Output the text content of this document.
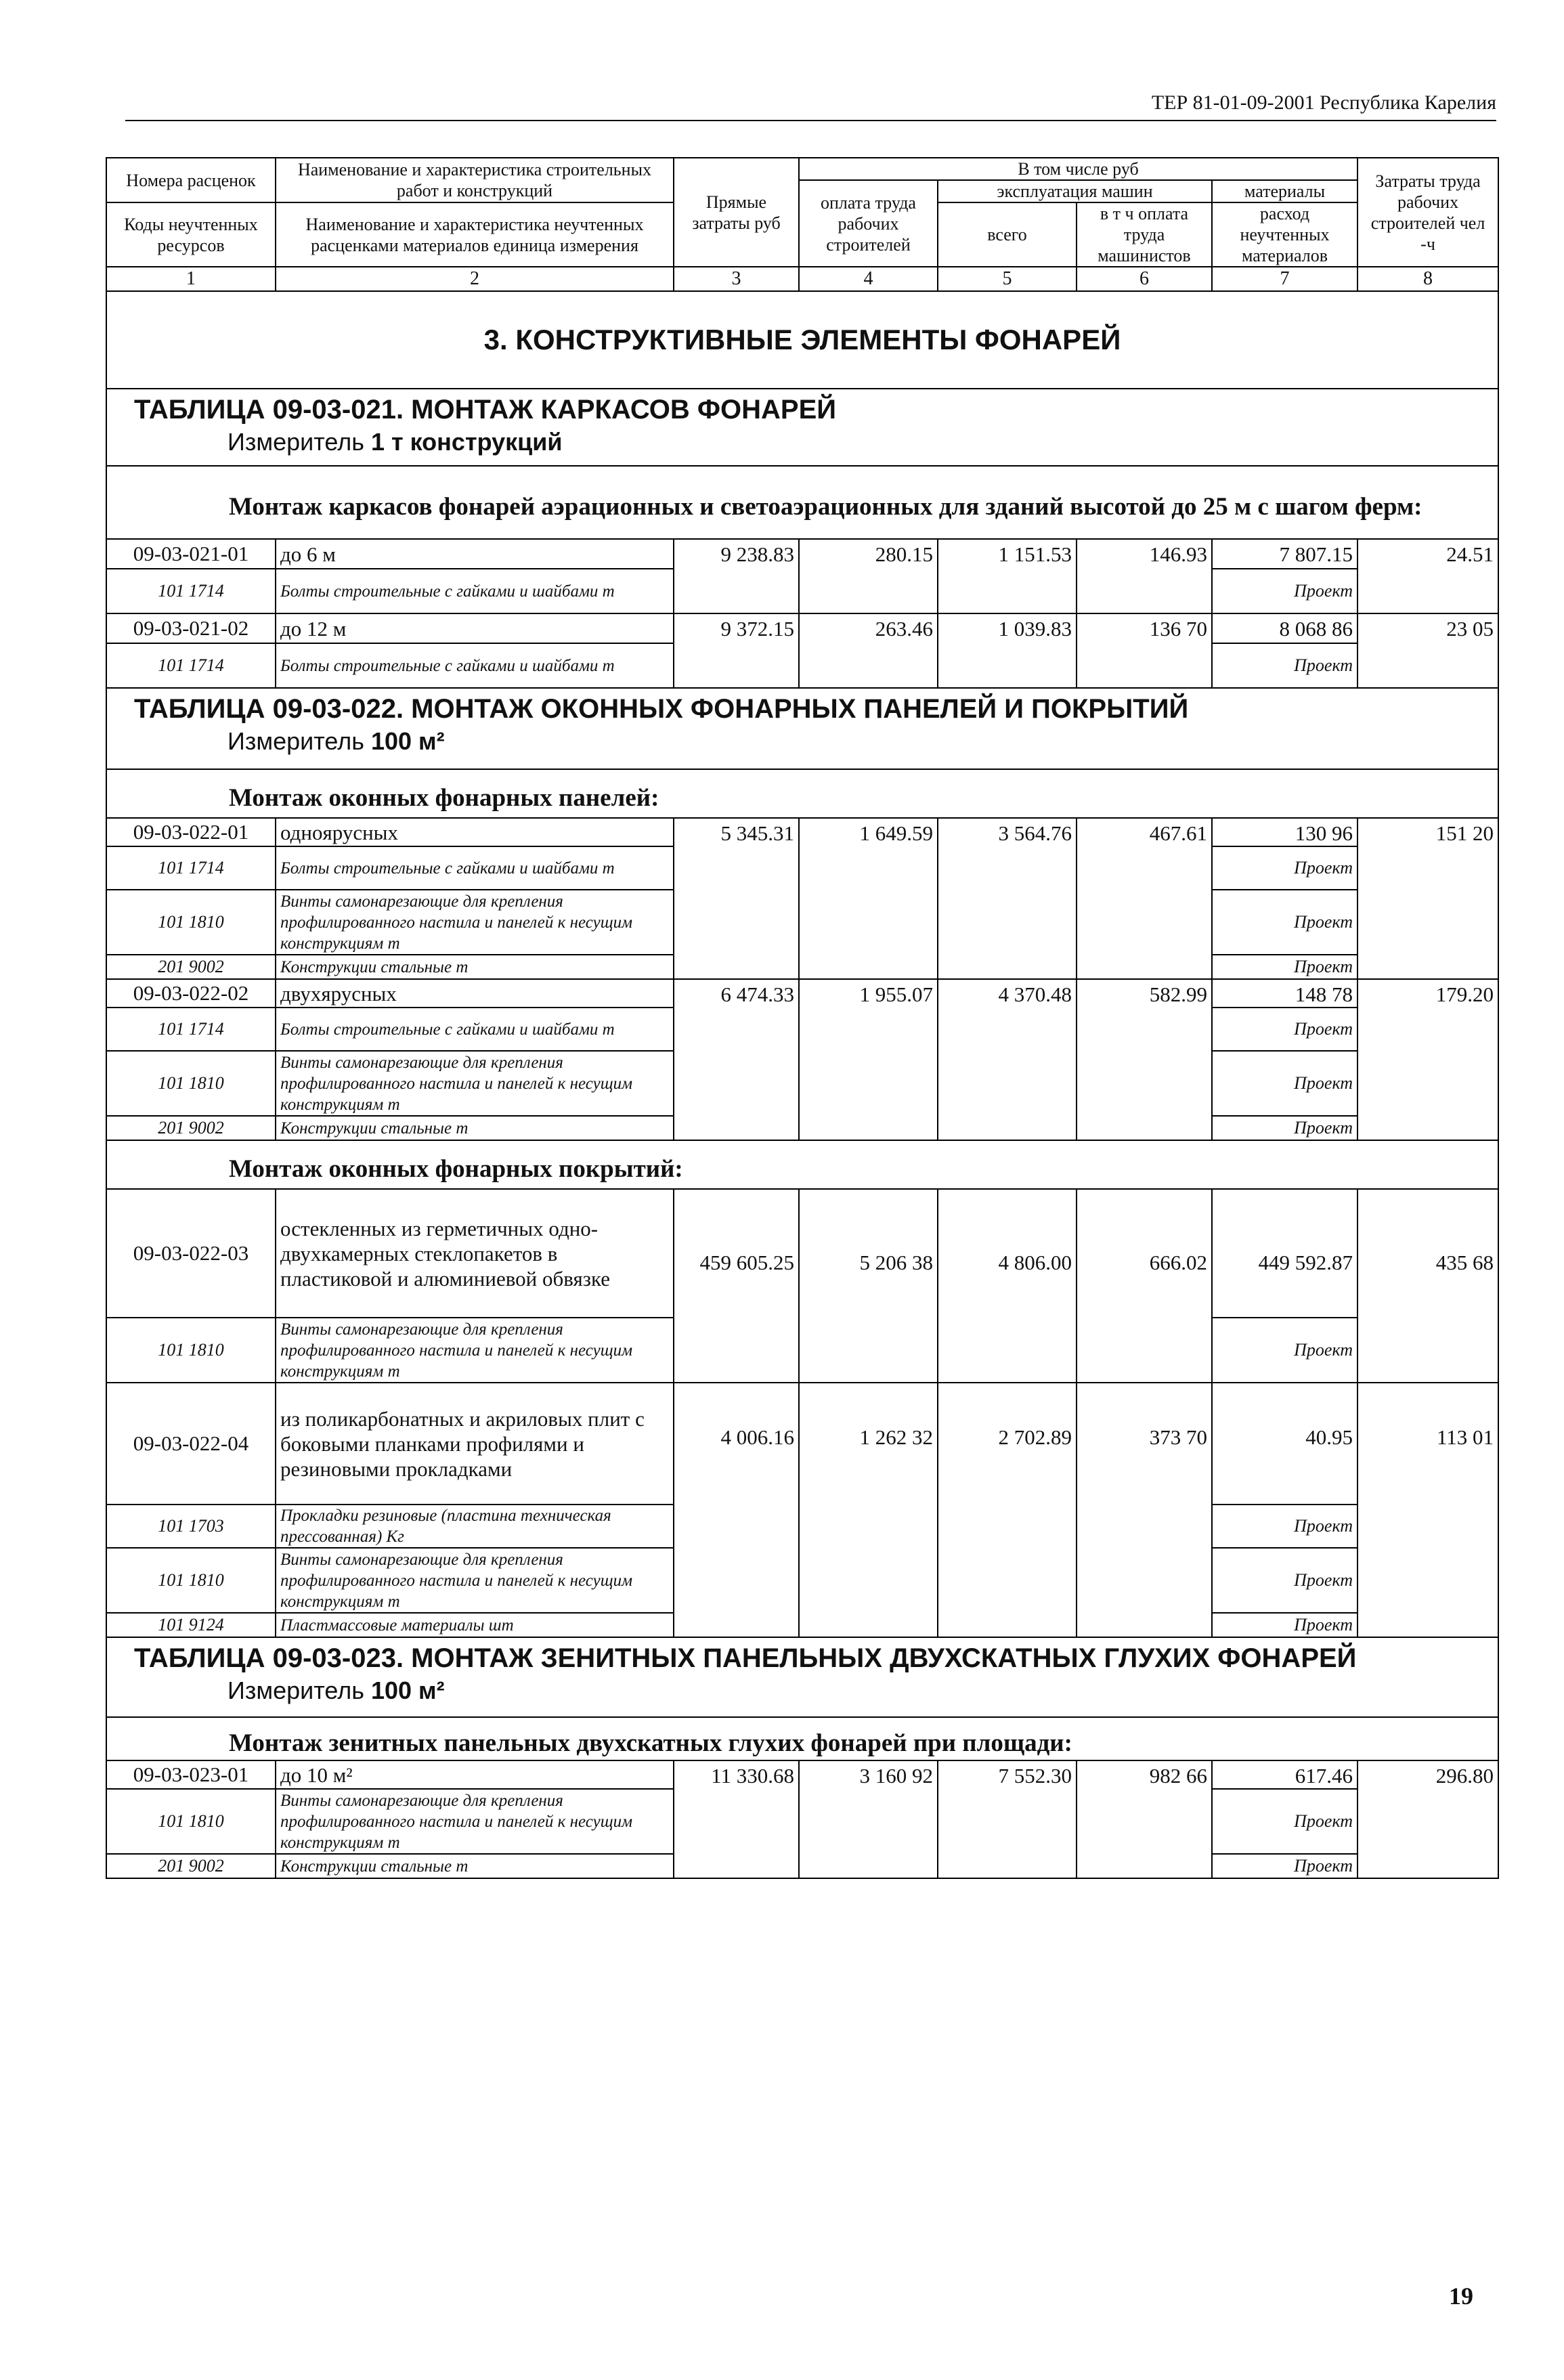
ТЕР 81-01-09-2001 Республика Карелия
Номера расценок	Наименование и характеристика строительных работ и конструкций	Прямые затраты руб	В том числе руб				Затраты труда рабочих строителей чел -ч
			оплата труда рабочих строителей	эксплуатация машин		материалы	
Коды неучтенных ресурсов	Наименование и характеристика неучтенных расценками материалов единица измерения			всего	в т ч оплата труда машинистов	расход неучтенных материалов	

1	2	3	4	5	6	7	8
3. КОНСТРУКТИВНЫЕ ЭЛЕМЕНТЫ ФОНАРЕЙ							

ТАБЛИЦА 09-03-021. МОНТАЖ КАРКАСОВ ФОНАРЕЙ
Измеритель 1 т конструкций							

Монтаж каркасов фонарей аэрационных и светоаэрационных для зданий высотой до 25 м с шагом ферм:							
09-03-021-01	до 6 м	9 238.83	280.15	1 151.53	146.93	7 807.15	24.51
101 1714	Болты строительные с гайками и шайбами т					Проект	
09-03-021-02	до 12 м	9 372.15	263.46	1 039.83	136 70	8 068 86	23 05
101 1714	Болты строительные с гайками и шайбами т					Проект	

ТАБЛИЦА 09-03-022. МОНТАЖ ОКОННЫХ ФОНАРНЫХ ПАНЕЛЕЙ И ПОКРЫТИЙ
Измеритель 100 м²							

Монтаж оконных фонарных панелей:							
09-03-022-01	однoярусных	5 345.31	1 649.59	3 564.76	467.61	130 96	151 20
101 1714	Болты строительные с гайками и шайбами т					Проект	
101 1810	Винты самонарезающие для крепления профилированного настила и панелей к несущим конструкциям т					Проект	
201 9002	Конструкции стальные т					Проект	
09-03-022-02	двухярусных	6 474.33	1 955.07	4 370.48	582.99	148 78	179.20
101 1714	Болты строительные с гайками и шайбами т					Проект	
101 1810	Винты самонарезающие для крепления профилированного настила и панелей к несущим конструкциям т					Проект	
201 9002	Конструкции стальные т					Проект	
Монтаж оконных фонарных покрытий:							
09-03-022-03	остекленных из герметичных одно- двухкамерных стеклопакетов в пластиковой и алюминиевой обвязке	459 605.25	5 206 38	4 806.00	666.02	449 592.87	435 68
101 1810	Винты самонарезающие для крепления профилированного настила и панелей к несущим конструкциям т					Проект	
09-03-022-04	из поликарбонатных и акриловых плит с боковыми планками профилями и резиновыми прокладками	4 006.16	1 262 32	2 702.89	373 70	40.95	113 01
101 1703	Прокладки резиновые (пластина техническая прессованная) Кг					Проект	
101 1810	Винты самонарезающие для крепления профилированного настила и панелей к несущим конструкциям т					Проект	
101 9124	Пластмассовые материалы шт					Проект	

ТАБЛИЦА 09-03-023. МОНТАЖ ЗЕНИТНЫХ ПАНЕЛЬНЫХ ДВУХСКАТНЫХ ГЛУХИХ ФОНАРЕЙ
Измеритель 100 м²							

Монтаж зенитных панельных двухскатных глухих фонарей при площади:							
09-03-023-01	до 10 м²	11 330.68	3 160 92	7 552.30	982 66	617.46	296.80
101 1810	Винты самонарезающие для крепления профилированного настила и панелей к несущим конструкциям т					Проект	
201 9002	Конструкции стальные т					Проект	
19
